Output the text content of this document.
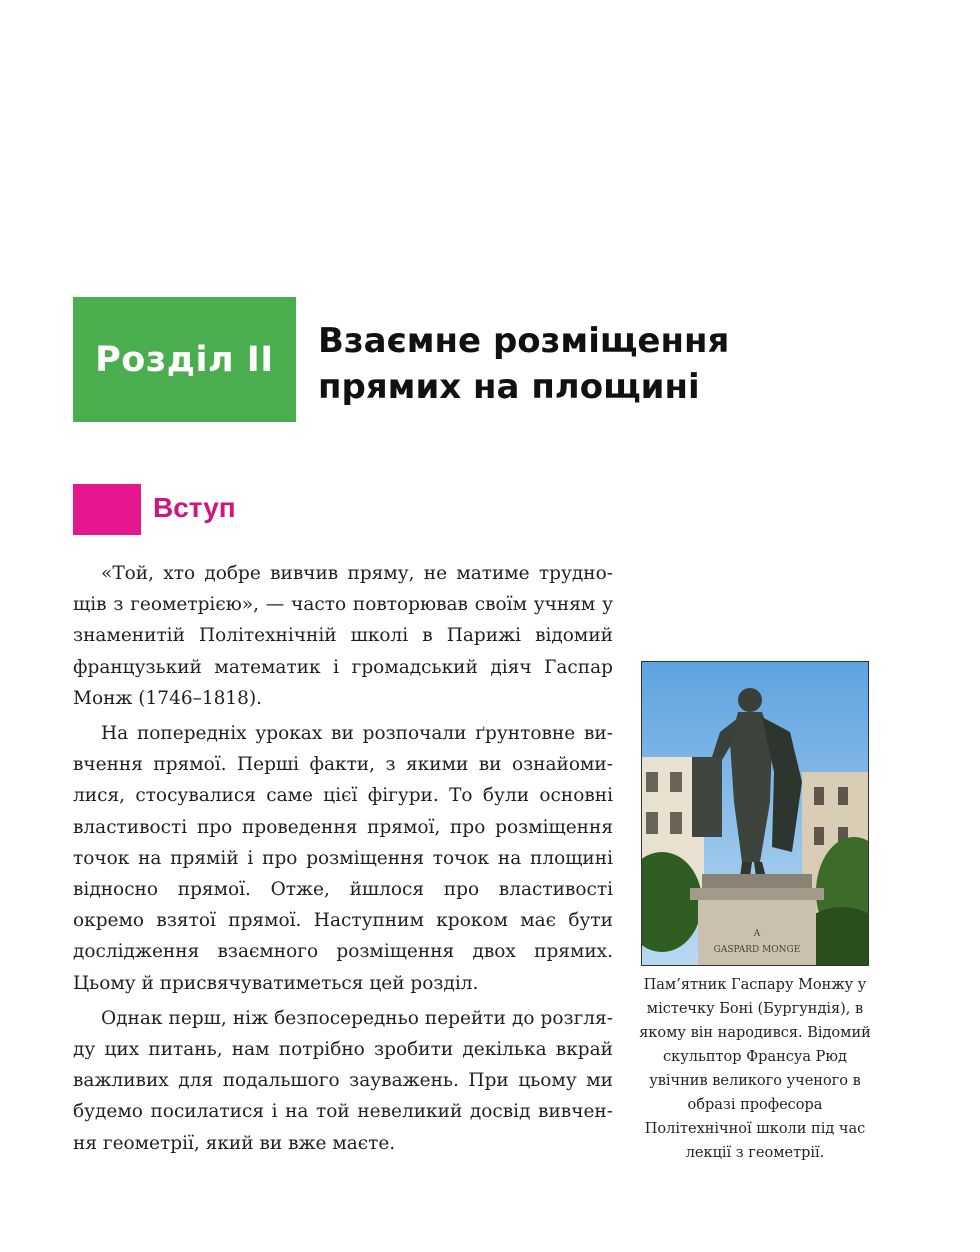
Розділ ІІ Взаємне розміщення
прямих на площині
Вступ

«Той, хто добре вивчив пряму, не матиме труднощів з геометрією», — часто повторював своїм учням у знаменитій Політехнічній школі в Парижі відомий французький математик і громадський діяч Гаспар Монж (1746–1818).

На попередніх уроках ви розпочали ґрунтовне вивчення прямої. Перші факти, з якими ви ознайомилися, стосувалися саме цієї фігури. То були основні властивості про проведення прямої, про розміщення точок на прямій і про розміщення точок на площині відносно прямої. Отже, йшлося про властивості окремо взятої прямої. Наступним кроком має бути дослідження взаємного розміщення двох прямих. Цьому й присвячуватиметься цей розділ.

Однак перш, ніж безпосередньо перейти до розгляду цих питань, нам потрібно зробити декілька вкрай важливих для подальшого зауважень. При цьому ми будемо посилатися і на той невеликий досвід вивчення геометрії, який ви вже маєте.

A
GASPARD MONGE

Пам’ятник Гаспару Монжу у містечку Боні (Бургундія), в якому він народився. Відомий скульптор Франсуа Рюд увічнив великого ученого в образі професора Політехнічної школи під час лекції з геометрії.
